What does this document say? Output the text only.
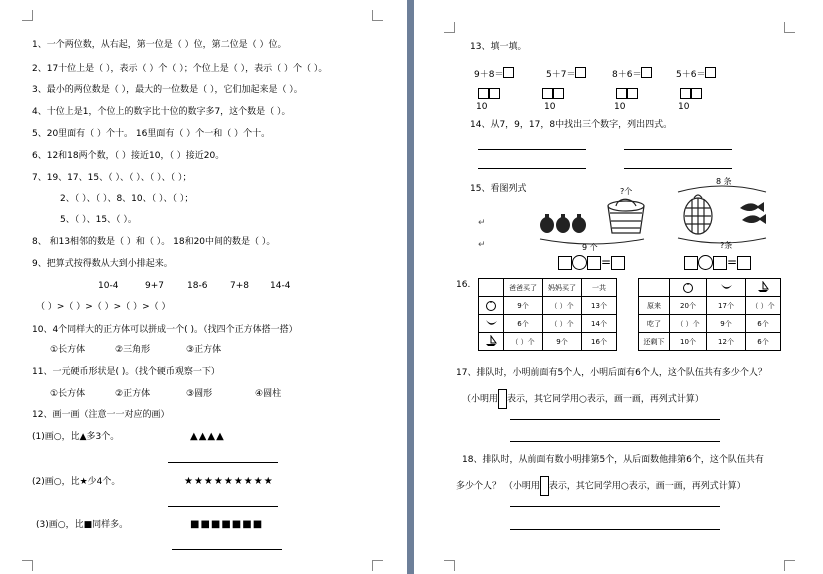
1、一个两位数，从右起，第一位是（ ）位，第二位是（ ）位。
2、17十位上是（ ），表示（ ）个（ ）；个位上是（ ），表示（ ）个（ ）。
3、最小的两位数是（ ），最大的一位数是（ ），它们加起来是（ ）。
4、十位上是1，个位上的数字比十位的数字多7，这个数是（ ）。
5、20里面有（ ）个十。 16里面有（ ）个一和（ ）个十。
6、12和18两个数，（ ）接近10，（ ）接近20。
7、19、17、15、（ ）、（ ）、（ ）、（ ）；
2、（ ）、（ ）、8、10、（ ）、（ ）；
5、（ ）、15、（ ）。
8、 和13相邻的数是（ ）和（ ）。 18和20中间的数是（ ）。
9、把算式按得数从大到小排起来。
10-4	9+7	18-6	7+8 14-4
（ ）>（ ）>（ ）>（ ）>（ ）
10、4个同样大的正方体可以拼成一个( )。（找四个正方体搭一搭）
①长方体	②三角形	③正方体
11、一元硬币形状是( )。（找个硬币观察一下）
①长方体	②正方体	③圆形	④圆柱
12、画一画（注意一一对应的画）
(1)画○，比▲多3个。	▲▲▲▲
(2)画○，比★少4个。	★★★★★★★★★
(3)画○，比■同样多。	■■■■■■■
13、填一填。
9＋8＝
10
5＋7＝
10
8＋6＝
10
5＋6＝
10
14、从7，9，17，8中找出三个数字，列出四式。
15、看图列式	?个
9 个
8 条
?条
↵
↵
=	=
16.
		爸爸买了	妈妈买了	一共
	9个	（ ）个	13个
	6个	（ ）个	14个
	（ ）个	9个	16个

原来	20个	17个	（ ）个
吃了	（ ）个	9个	6个
还剩下	10个	12个	6个
17、排队时，小明前面有5个人，小明后面有6个人，这个队伍共有多少个人？
（小明用 表示，其它同学用○表示，画一画，再列式计算）
18、排队时，从前面有数小明排第5个，从后面数他排第6个，这个队伍共有
多少个人？ （小明用 表示，其它同学用○表示，画一画，再列式计算）
